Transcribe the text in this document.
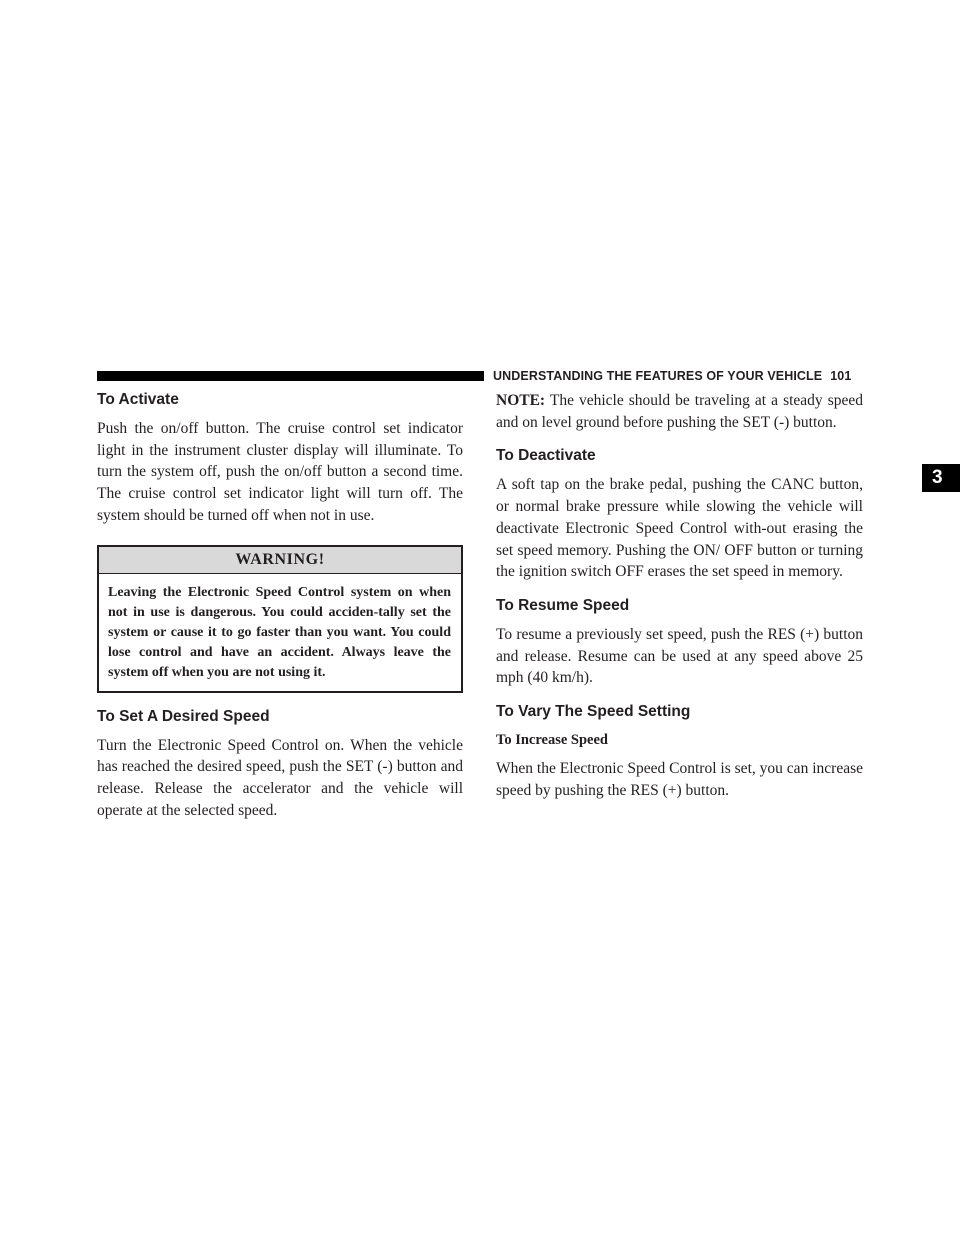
UNDERSTANDING THE FEATURES OF YOUR VEHICLE 101
3
To Activate

Push the on/off button. The cruise control set indicator light in the instrument cluster display will illuminate. To turn the system off, push the on/off button a second time. The cruise control set indicator light will turn off. The system should be turned off when not in use.

WARNING!
Leaving the Electronic Speed Control system on when not in use is dangerous. You could acciden-tally set the system or cause it to go faster than you want. You could lose control and have an accident. Always leave the system off when you are not using it.
To Set A Desired Speed

Turn the Electronic Speed Control on. When the vehicle has reached the desired speed, push the SET (-) button and release. Release the accelerator and the vehicle will operate at the selected speed.

NOTE: The vehicle should be traveling at a steady speed and on level ground before pushing the SET (-) button.

To Deactivate

A soft tap on the brake pedal, pushing the CANC button, or normal brake pressure while slowing the vehicle will deactivate Electronic Speed Control with-out erasing the set speed memory. Pushing the ON/ OFF button or turning the ignition switch OFF erases the set speed in memory.

To Resume Speed

To resume a previously set speed, push the RES (+) button and release. Resume can be used at any speed above 25 mph (40 km/h).

To Vary The Speed Setting
To Increase Speed

When the Electronic Speed Control is set, you can increase speed by pushing the RES (+) button.
